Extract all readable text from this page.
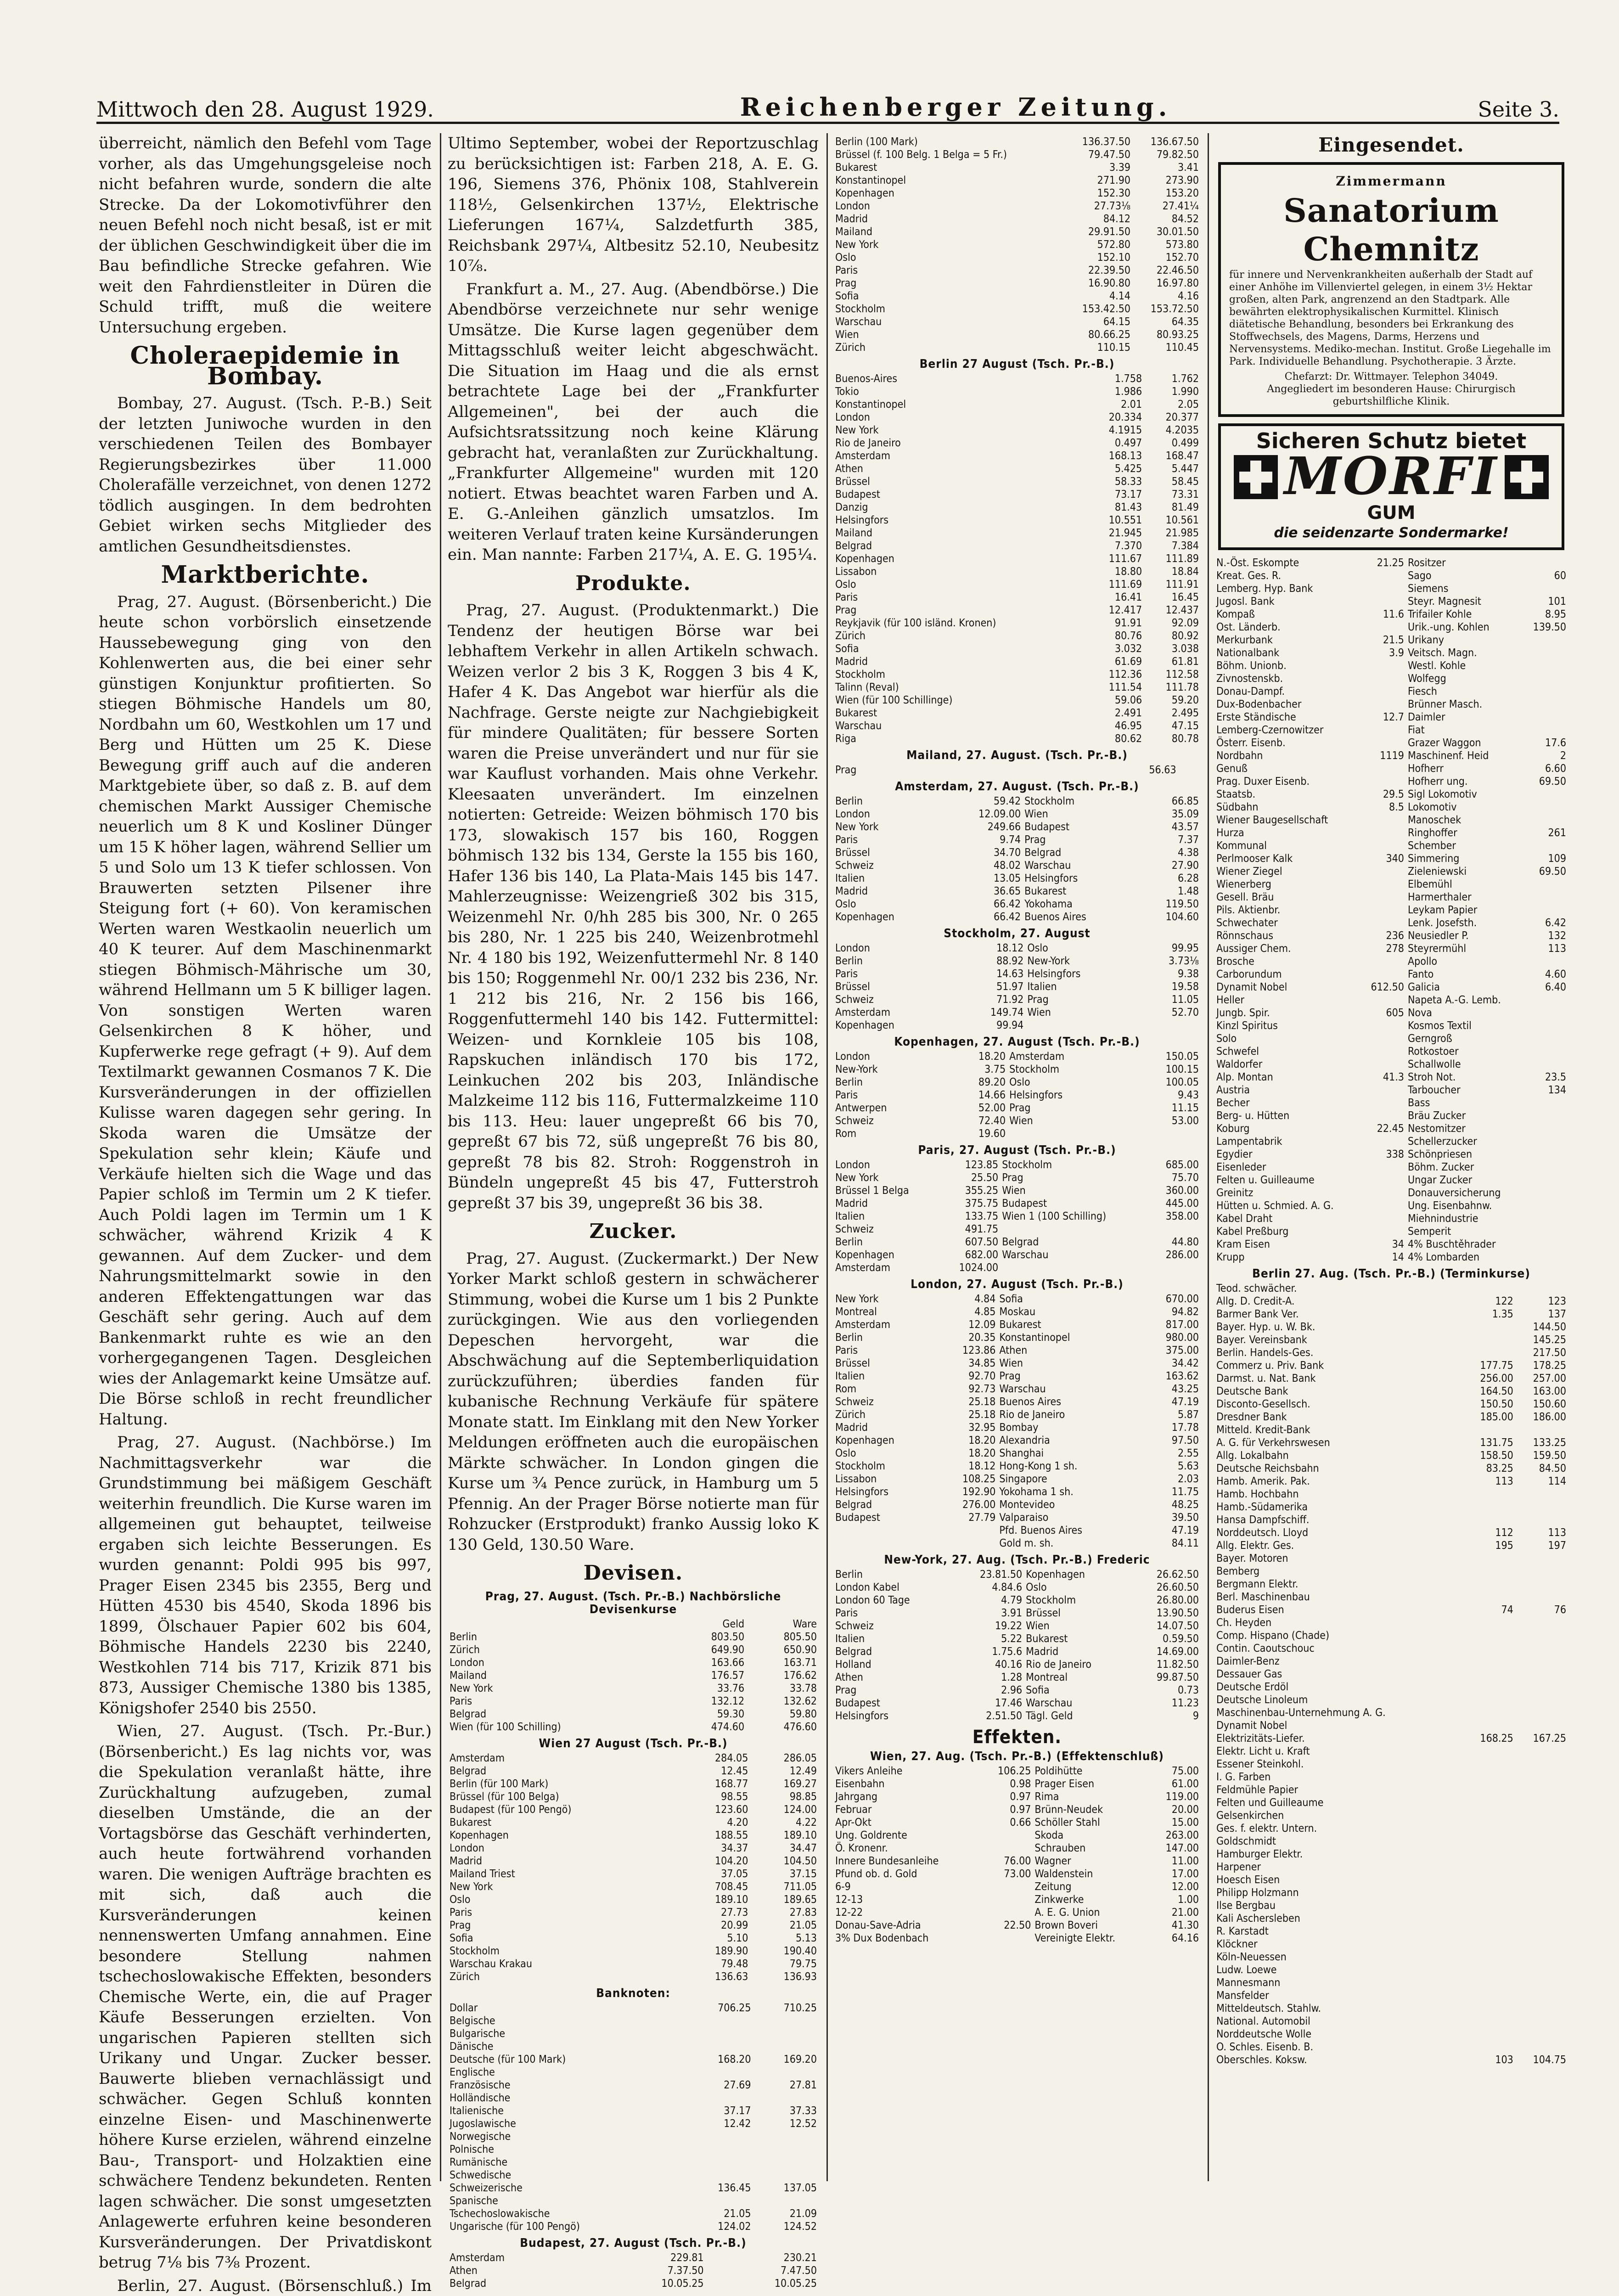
Mittwoch den 28. August 1929.	Reichenberger Zeitung.	Seite 3.

überreicht, nämlich den Befehl vom Tage vorher, als das Umgehungsgeleise noch nicht befahren wurde, sondern die alte Strecke. Da der Lokomotivführer den neuen Befehl noch nicht besaß, ist er mit der üblichen Geschwindigkeit über die im Bau befindliche Strecke gefahren. Wie weit den Fahrdienstleiter in Düren die Schuld trifft, muß die weitere Untersuchung ergeben.

Choleraepidemie in Bombay.

Bombay, 27. August. (Tsch. P.-B.) Seit der letzten Juniwoche wurden in den verschiedenen Teilen des Bombayer Regierungsbezirkes über 11.000 Cholerafälle verzeichnet, von denen 1272 tödlich ausgingen. In dem bedrohten Gebiet wirken sechs Mitglieder des amtlichen Gesundheitsdienstes.

Marktberichte.

Prag, 27. August. (Börsenbericht.) Die heute schon vorbörslich einsetzende Haussebewegung ging von den Kohlenwerten aus, die bei einer sehr günstigen Konjunktur profitierten. So stiegen Böhmische Handels um 80, Nordbahn um 60, Westkohlen um 17 und Berg und Hütten um 25 K. Diese Bewegung griff auch auf die anderen Marktgebiete über, so daß z. B. auf dem chemischen Markt Aussiger Chemische neuerlich um 8 K und Kosliner Dünger um 15 K höher lagen, während Sellier um 5 und Solo um 13 K tiefer schlossen. Von Brauwerten setzten Pilsener ihre Steigung fort (+ 60). Von keramischen Werten waren Westkaolin neuerlich um 40 K teurer. Auf dem Maschinenmarkt stiegen Böhmisch-Mährische um 30, während Hellmann um 5 K billiger lagen. Von sonstigen Werten waren Gelsenkirchen 8 K höher, und Kupferwerke rege gefragt (+ 9). Auf dem Textilmarkt gewannen Cosmanos 7 K. Die Kursveränderungen in der offiziellen Kulisse waren dagegen sehr gering. In Skoda waren die Umsätze der Spekulation sehr klein; Käufe und Verkäufe hielten sich die Wage und das Papier schloß im Termin um 2 K tiefer. Auch Poldi lagen im Termin um 1 K schwächer, während Krizik 4 K gewannen. Auf dem Zucker- und dem Nahrungsmittelmarkt sowie in den anderen Effektengattungen war das Geschäft sehr gering. Auch auf dem Bankenmarkt ruhte es wie an den vorhergegangenen Tagen. Desgleichen wies der Anlagemarkt keine Umsätze auf. Die Börse schloß in recht freundlicher Haltung.

Prag, 27. August. (Nachbörse.) Im Nachmittagsverkehr war die Grundstimmung bei mäßigem Geschäft weiterhin freundlich. Die Kurse waren im allgemeinen gut behauptet, teilweise ergaben sich leichte Besserungen. Es wurden genannt: Poldi 995 bis 997, Prager Eisen 2345 bis 2355, Berg und Hütten 4530 bis 4540, Skoda 1896 bis 1899, Ölschauer Papier 602 bis 604, Böhmische Handels 2230 bis 2240, Westkohlen 714 bis 717, Krizik 871 bis 873, Aussiger Chemische 1380 bis 1385, Königshofer 2540 bis 2550.

Wien, 27. August. (Tsch. Pr.-Bur.) (Börsenbericht.) Es lag nichts vor, was die Spekulation veranlaßt hätte, ihre Zurückhaltung aufzugeben, zumal dieselben Umstände, die an der Vortagsbörse das Geschäft verhinderten, auch heute fortwährend vorhanden waren. Die wenigen Aufträge brachten es mit sich, daß auch die Kursveränderungen keinen nennenswerten Umfang annahmen. Eine besondere Stellung nahmen tschechoslowakische Effekten, besonders Chemische Werte, ein, die auf Prager Käufe Besserungen erzielten. Von ungarischen Papieren stellten sich Urikany und Ungar. Zucker besser. Bauwerte blieben vernachlässigt und schwächer. Gegen Schluß konnten einzelne Eisen- und Maschinenwerte höhere Kurse erzielen, während einzelne Bau-, Transport- und Holzaktien eine schwächere Tendenz bekundeten. Renten lagen schwächer. Die sonst umgesetzten Anlagewerte erfuhren keine besonderen Kursveränderungen. Der Privatdiskont betrug 7⅛ bis 7⅜ Prozent.

Berlin, 27. August. (Börsenschluß.) Im

Ultimo September, wobei der Reportzuschlag zu berücksichtigen ist: Farben 218, A. E. G. 196, Siemens 376, Phönix 108, Stahlverein 118½, Gelsenkirchen 137½, Elektrische Lieferungen 167¼, Salzdetfurth 385, Reichsbank 297¼, Altbesitz 52.10, Neubesitz 10⅞.

Frankfurt a. M., 27. Aug. (Abendbörse.) Die Abendbörse verzeichnete nur sehr wenige Umsätze. Die Kurse lagen gegenüber dem Mittagsschluß weiter leicht abgeschwächt. Die Situation im Haag und die als ernst betrachtete Lage bei der „Frankfurter Allgemeinen", bei der auch die Aufsichtsratssitzung noch keine Klärung gebracht hat, veranlaßten zur Zurückhaltung. „Frankfurter Allgemeine" wurden mit 120 notiert. Etwas beachtet waren Farben und A. E. G.-Anleihen gänzlich umsatzlos. Im weiteren Verlauf traten keine Kursänderungen ein. Man nannte: Farben 217¼, A. E. G. 195¼.

Produkte.

Prag, 27. August. (Produktenmarkt.) Die Tendenz der heutigen Börse war bei lebhaftem Verkehr in allen Artikeln schwach. Weizen verlor 2 bis 3 K, Roggen 3 bis 4 K, Hafer 4 K. Das Angebot war hierfür als die Nachfrage. Gerste neigte zur Nachgiebigkeit für mindere Qualitäten; für bessere Sorten waren die Preise unverändert und nur für sie war Kauflust vorhanden. Mais ohne Verkehr. Kleesaaten unverändert. Im einzelnen notierten: Getreide: Weizen böhmisch 170 bis 173, slowakisch 157 bis 160, Roggen böhmisch 132 bis 134, Gerste la 155 bis 160, Hafer 136 bis 140, La Plata-Mais 145 bis 147. Mahlerzeugnisse: Weizengrieß 302 bis 315, Weizenmehl Nr. 0/hh 285 bis 300, Nr. 0 265 bis 280, Nr. 1 225 bis 240, Weizenbrotmehl Nr. 4 180 bis 192, Weizenfuttermehl Nr. 8 140 bis 150; Roggenmehl Nr. 00/1 232 bis 236, Nr. 1 212 bis 216, Nr. 2 156 bis 166, Roggenfuttermehl 140 bis 142. Futtermittel: Weizen- und Kornkleie 105 bis 108, Rapskuchen inländisch 170 bis 172, Leinkuchen 202 bis 203, Inländische Malzkeime 112 bis 116, Futtermalzkeime 110 bis 113. Heu: lauer ungepreßt 66 bis 70, gepreßt 67 bis 72, süß ungepreßt 76 bis 80, gepreßt 78 bis 82. Stroh: Roggenstroh in Bündeln ungepreßt 45 bis 47, Futterstroh gepreßt 37 bis 39, ungepreßt 36 bis 38.

Zucker.

Prag, 27. August. (Zuckermarkt.) Der New Yorker Markt schloß gestern in schwächerer Stimmung, wobei die Kurse um 1 bis 2 Punkte zurückgingen. Wie aus den vorliegenden Depeschen hervorgeht, war die Abschwächung auf die Septemberliquidation zurückzuführen; überdies fanden für kubanische Rechnung Verkäufe für spätere Monate statt. Im Einklang mit den New Yorker Meldungen eröffneten auch die europäischen Märkte schwächer. In London gingen die Kurse um ¾ Pence zurück, in Hamburg um 5 Pfennig. An der Prager Börse notierte man für Rohzucker (Erstprodukt) franko Aussig loko K 130 Geld, 130.50 Ware.

Devisen.
Prag, 27. August. (Tsch. Pr.-B.) Nachbörsliche Devisenkurse
	Geld	Ware
Berlin	803.50	805.50
Zürich	649.90	650.90
London	163.66	163.71
Mailand	176.57	176.62
New York	33.76	33.78
Paris	132.12	132.62
Belgrad	59.30	59.80
Wien (für 100 Schilling)	474.60	476.60
Wien 27 August (Tsch. Pr.-B.)
Amsterdam	284.05	286.05
Belgrad	12.45	12.49
Berlin (für 100 Mark)	168.77	169.27
Brüssel (für 100 Belga)	98.55	98.85
Budapest (für 100 Pengö)	123.60	124.00
Bukarest	4.20	4.22
Kopenhagen	188.55	189.10
London	34.37	34.47
Madrid	104.20	104.50
Mailand Triest	37.05	37.15
New York	708.45	711.05
Oslo	189.10	189.65
Paris	27.73	27.83
Prag	20.99	21.05
Sofia	5.10	5.13
Stockholm	189.90	190.40
Warschau Krakau	79.48	79.75
Zürich	136.63	136.93
Banknoten:
Dollar	706.25	710.25
Belgische		
Bulgarische		
Dänische		
Deutsche (für 100 Mark)	168.20	169.20
Englische		
Französische	27.69	27.81
Holländische		
Italienische	37.17	37.33
Jugoslawische	12.42	12.52
Norwegische		
Polnische		
Rumänische		
Schwedische		
Schweizerische	136.45	137.05
Spanische		
Tschechoslowakische	21.05	21.09
Ungarische (für 100 Pengö)	124.02	124.52
Budapest, 27. August (Tsch. Pr.-B.)
Amsterdam	229.81	230.21
Athen	7.37.50	7.47.50
Belgrad	10.05.25	10.05.25
Berlin (100 Mark)	136.37.50	136.67.50
Brüssel (f. 100 Belg. 1 Belga = 5 Fr.)	79.47.50	79.82.50
Bukarest	3.39	3.41
Konstantinopel	271.90	273.90
Kopenhagen	152.30	153.20
London	27.73⅛	27.41¼
Madrid	84.12	84.52
Mailand	29.91.50	30.01.50
New York	572.80	573.80
Oslo	152.10	152.70
Paris	22.39.50	22.46.50
Prag	16.90.80	16.97.80
Sofia	4.14	4.16
Stockholm	153.42.50	153.72.50
Warschau	64.15	64.35
Wien	80.66.25	80.93.25
Zürich	110.15	110.45
Berlin 27 August (Tsch. Pr.-B.)
Buenos-Aires	1.758	1.762
Tokio	1.986	1.990
Konstantinopel	2.01	2.05
London	20.334	20.377
New York	4.1915	4.2035
Rio de Janeiro	0.497	0.499
Amsterdam	168.13	168.47
Athen	5.425	5.447
Brüssel	58.33	58.45
Budapest	73.17	73.31
Danzig	81.43	81.49
Helsingfors	10.551	10.561
Mailand	21.945	21.985
Belgrad	7.370	7.384
Kopenhagen	111.67	111.89
Lissabon	18.80	18.84
Oslo	111.69	111.91
Paris	16.41	16.45
Prag	12.417	12.437
Reykjavik (für 100 isländ. Kronen)	91.91	92.09
Zürich	80.76	80.92
Sofia	3.032	3.038
Madrid	61.69	61.81
Stockholm	112.36	112.58
Talinn (Reval)	111.54	111.78
Wien (für 100 Schillinge)	59.06	59.20
Bukarest	2.491	2.495
Warschau	46.95	47.15
Riga	80.62	80.78
Mailand, 27. August. (Tsch. Pr.-B.)
Prag	56.63	
Amsterdam, 27. August. (Tsch. Pr.-B.)
Berlin	59.42	Stockholm	66.85
London	12.09.00	Wien	35.09
New York	249.66	Budapest	43.57
Paris	9.74	Prag	7.37
Brüssel	34.70	Belgrad	4.38
Schweiz	48.02	Warschau	27.90
Italien	13.05	Helsingfors	6.28
Madrid	36.65	Bukarest	1.48
Oslo	66.42	Yokohama	119.50
Kopenhagen	66.42	Buenos Aires	104.60
Stockholm, 27. August
London	18.12	Oslo	99.95
Berlin	88.92	New-York	3.73⅛
Paris	14.63	Helsingfors	9.38
Brüssel	51.97	Italien	19.58
Schweiz	71.92	Prag	11.05
Amsterdam	149.74	Wien	52.70
Kopenhagen	99.94		
Kopenhagen, 27. August (Tsch. Pr.-B.)
London	18.20	Amsterdam	150.05
New-York	3.75	Stockholm	100.15
Berlin	89.20	Oslo	100.05
Paris	14.66	Helsingfors	9.43
Antwerpen	52.00	Prag	11.15
Schweiz	72.40	Wien	53.00
Rom	19.60		
Paris, 27. August (Tsch. Pr.-B.)
London	123.85	Stockholm	685.00
New York	25.50	Prag	75.70
Brüssel 1 Belga	355.25	Wien	360.00
Madrid	375.75	Budapest	445.00
Italien	133.75	Wien 1 (100 Schilling)	358.00
Schweiz	491.75		
Berlin	607.50	Belgrad	44.80
Kopenhagen	682.00	Warschau	286.00
Amsterdam	1024.00		
London, 27. August (Tsch. Pr.-B.)
New York	4.84	Sofia	670.00
Montreal	4.85	Moskau	94.82
Amsterdam	12.09	Bukarest	817.00
Berlin	20.35	Konstantinopel	980.00
Paris	123.86	Athen	375.00
Brüssel	34.85	Wien	34.42
Italien	92.70	Prag	163.62
Rom	92.73	Warschau	43.25
Schweiz	25.18	Buenos Aires	47.19
Zürich	25.18	Rio de Janeiro	5.87
Madrid	32.95	Bombay	17.78
Kopenhagen	18.20	Alexandria	97.50
Oslo	18.20	Shanghai	2.55
Stockholm	18.12	Hong-Kong 1 sh.	5.63
Lissabon	108.25	Singapore	2.03
Helsingfors	192.90	Yokohama 1 sh.	11.75
Belgrad	276.00	Montevideo	48.25
Budapest	27.79	Valparaiso	39.50
		Pfd. Buenos Aires	47.19
		Gold m. sh.	84.11
New-York, 27. Aug. (Tsch. Pr.-B.) Frederic
Berlin	23.81.50	Kopenhagen	26.62.50
London Kabel	4.84.6	Oslo	26.60.50
London 60 Tage	4.79	Stockholm	26.80.00
Paris	3.91	Brüssel	13.90.50
Schweiz	19.22	Wien	14.07.50
Italien	5.22	Bukarest	0.59.50
Belgrad	1.75.6	Madrid	14.69.00
Holland	40.16	Rio de Janeiro	11.82.50
Athen	1.28	Montreal	99.87.50
Prag	2.96	Sofia	0.73
Budapest	17.46	Warschau	11.23
Helsingfors	2.51.50	Tägl. Geld	9
Effekten.
Wien, 27. Aug. (Tsch. Pr.-B.) (Effektenschluß)
Vikers Anleihe	106.25	Poldihütte	75.00
Eisenbahn	0.98	Prager Eisen	61.00
Jahrgang	0.97	Rima	119.00
Februar	0.97	Brünn-Neudek	20.00
Apr-Okt	0.66	Schöller Stahl	15.00
Ung. Goldrente		Skoda	263.00
Ö. Kronenr.		Schrauben	147.00
Innere Bundesanleihe	76.00	Wagner	11.00
Pfund ob. d. Gold	73.00	Waldenstein	17.00
6-9		Zeitung	12.00
12-13		Zinkwerke	1.00
12-22		A. E. G. Union	21.00
Donau-Save-Adria	22.50	Brown Boveri	41.30
3% Dux Bodenbach		Vereinigte Elektr.	64.16
Eingesendet.
Zimmermann
Sanatorium Chemnitz
für innere und Nervenkrankheiten außerhalb der Stadt auf einer Anhöhe im Villenviertel gelegen, in einem 3½ Hektar großen, alten Park, angrenzend an den Stadtpark. Alle bewährten elektrophysikalischen Kurmittel. Klinisch diätetische Behandlung, besonders bei Erkrankung des Stoffwechsels, des Magens, Darms, Herzens und Nervensystems. Mediko-mechan. Institut. Große Liegehalle im Park. Individuelle Behandlung. Psychotherapie. 3 Ärzte.
Chefarzt: Dr. Wittmayer. Telephon 34049.
Angegliedert im besonderen Hause: Chirurgisch geburtshilfliche Klinik.
Sicheren Schutz bietet
MORFI
GUM
die seidenzarte Sondermarke!
N.-Öst. Eskompte	21.25	Rositzer	
Kreat. Ges. R.		Sago	60
Lemberg. Hyp. Bank		Siemens	
Jugosl. Bank		Steyr. Magnesit	101
Kompaß	11.6	Trifailer Kohle	8.95
Ost. Länderb.		Urik.-ung. Kohlen	139.50
Merkurbank	21.5	Urikany	
Nationalbank	3.9	Veitsch. Magn.	
Böhm. Unionb.		Westl. Kohle	
Zivnostenskb.		Wolfegg	
Donau-Dampf.		Fiesch	
Dux-Bodenbacher		Brünner Masch.	
Erste Ständische	12.7	Daimler	
Lemberg-Czernowitzer		Fiat	
Österr. Eisenb.		Grazer Waggon	17.6
Nordbahn	1119	Maschinenf. Heid	2
Genuß		Hofherr	6.60
Prag. Duxer Eisenb.		Hofherr ung.	69.50
Staatsb.	29.5	Sigl Lokomotiv	
Südbahn	8.5	Lokomotiv	
Wiener Baugesellschaft		Manoschek	
Hurza		Ringhoffer	261
Kommunal		Schember	
Perlmooser Kalk	340	Simmering	109
Wiener Ziegel		Zieleniewski	69.50
Wienerberg		Elbemühl	
Gesell. Bräu		Harmerthaler	
Pils. Aktienbr.		Leykam Papier	
Schwechater		Lenk. Josefsth.	6.42
Rönnschaus	236	Neusiedler P.	132
Aussiger Chem.	278	Steyrermühl	113
Brosche		Apollo	
Carborundum		Fanto	4.60
Dynamit Nobel	612.50	Galicia	6.40
Heller		Napeta A.-G. Lemb.	
Jungb. Spir.	605	Nova	
Kinzl Spiritus		Kosmos Textil	
Solo		Gerngroß	
Schwefel		Rotkostoer	
Waldorfer		Schallwolle	
Alp. Montan	41.3	Stroh Not.	23.5
Austria		Tarboucher	134
Becher		Bass	
Berg- u. Hütten		Bräu Zucker	
Koburg	22.45	Nestomitzer	
Lampentabrik		Schellerzucker	
Egydier	338	Schönpriesen	
Eisenleder		Böhm. Zucker	
Felten u. Guilleaume		Ungar Zucker	
Greinitz		Donauversicherung	
Hütten u. Schmied. A. G.		Ung. Eisenbahnw.	
Kabel Draht		Miehnindustrie	
Kabel Preßburg		Semperit	
Kram Eisen	34	4% Buschtěhrader	
Krupp	14	4% Lombarden	
Berlin 27. Aug. (Tsch. Pr.-B.) (Terminkurse)
Teod. schwächer.		
Allg. D. Credit-A.	122	123
Barmer Bank Ver.	1.35	137
Bayer. Hyp. u. W. Bk.		144.50
Bayer. Vereinsbank		145.25
Berlin. Handels-Ges.		217.50
Commerz u. Priv. Bank	177.75	178.25
Darmst. u. Nat. Bank	256.00	257.00
Deutsche Bank	164.50	163.00
Disconto-Gesellsch.	150.50	150.60
Dresdner Bank	185.00	186.00
Mitteld. Kredit-Bank		
A. G. für Verkehrswesen	131.75	133.25
Allg. Lokalbahn	158.50	159.50
Deutsche Reichsbahn	83.25	84.50
Hamb. Amerik. Pak.	113	114
Hamb. Hochbahn		
Hamb.-Südamerika		
Hansa Dampfschiff.		
Norddeutsch. Lloyd	112	113
Allg. Elektr. Ges.	195	197
Bayer. Motoren		
Bemberg		
Bergmann Elektr.		
Berl. Maschinenbau		
Buderus Eisen	74	76
Ch. Heyden		
Comp. Hispano (Chade)		
Contin. Caoutschouc		
Daimler-Benz		
Dessauer Gas		
Deutsche Erdöl		
Deutsche Linoleum		
Maschinenbau-Unternehmung A. G.		
Dynamit Nobel		
Elektrizitäts-Liefer.	168.25	167.25
Elektr. Licht u. Kraft		
Essener Steinkohl.		
I. G. Farben		
Feldmühle Papier		
Felten und Guilleaume		
Gelsenkirchen		
Ges. f. elektr. Untern.		
Goldschmidt		
Hamburger Elektr.		
Harpener		
Hoesch Eisen		
Philipp Holzmann		
Ilse Bergbau		
Kali Aschersleben		
R. Karstadt		
Klöckner		
Köln-Neuessen		
Ludw. Loewe		
Mannesmann		
Mansfelder		
Mitteldeutsch. Stahlw.		
National. Automobil		
Norddeutsche Wolle		
O. Schles. Eisenb. B.		
Oberschles. Koksw.	103	104.75
